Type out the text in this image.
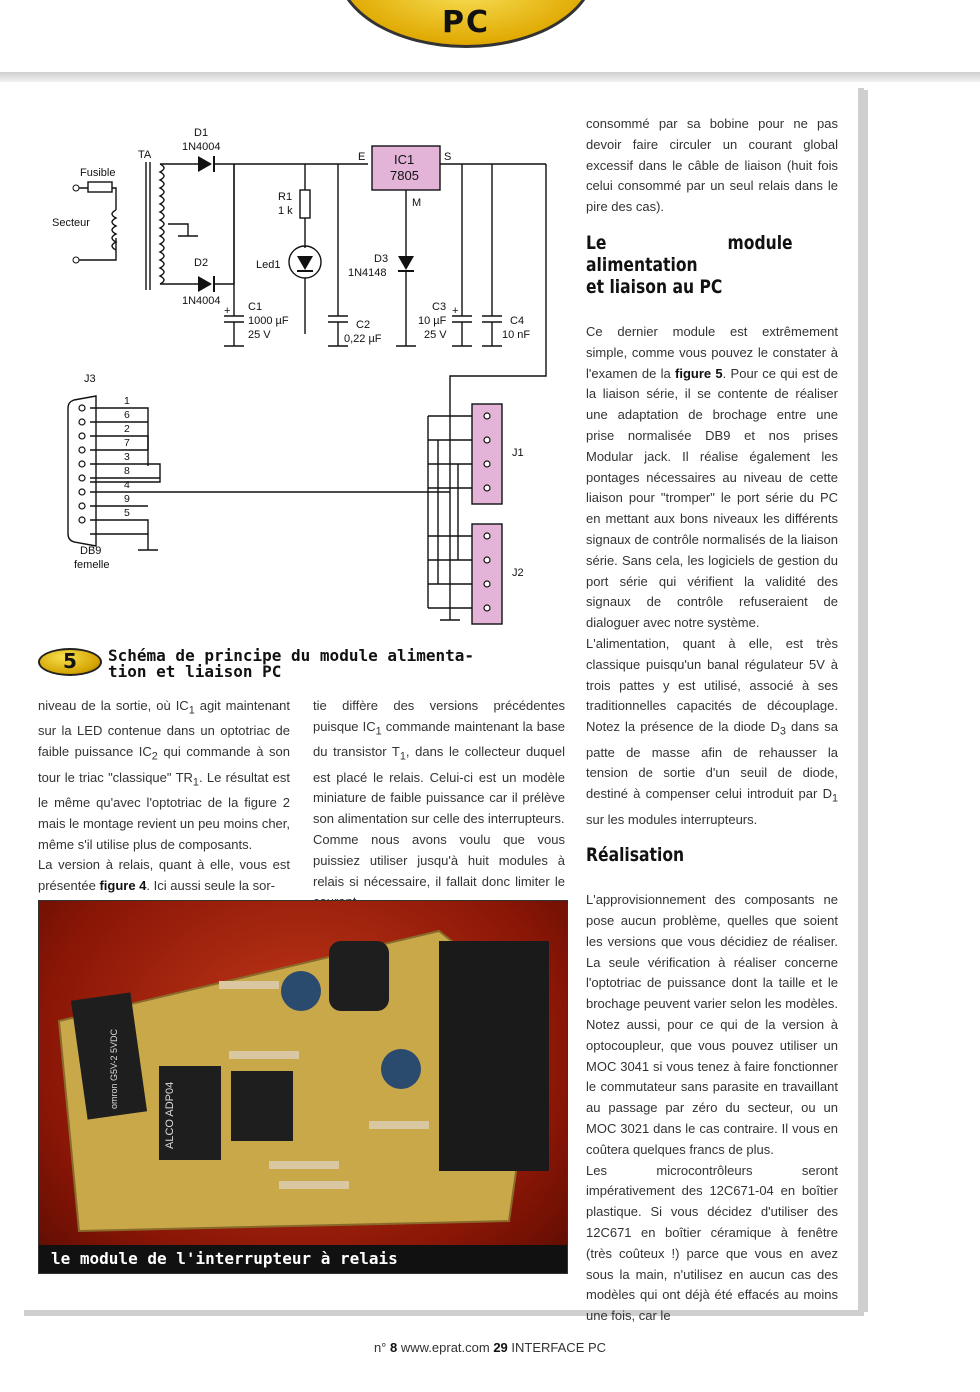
PC
TA
D1
1N4004
Fusible
Secteur
D2
1N4004
E	S
M
IC1
7805
R1
1 k
Led1	D3
1N4148
C1
1000 µF
25 V
C2
0,22 µF
C3
10 µF
25 V
C4
10 nF
+	+
J3
J1
J2
DB9
femelle
1
6
2
7
3
8
4
9
5
5	Schéma de principe du module alimenta-
tion et liaison PC

niveau de la sortie, où $IC_1$ agit maintenant sur la LED contenue dans un optotriac de faible puissance $IC_2$ qui commande à son tour le triac "classique" $TR_1$. Le résultat est le même qu'avec l'optotriac de la figure 2 mais le montage revient un peu moins cher, même s'il utilise plus de composants.

La version à relais, quant à elle, vous est présentée figure 4. Ici aussi seule la sor-

tie diffère des versions précédentes puisque $IC_1$ commande maintenant la base du transistor $T_1$, dans le collecteur duquel est placé le relais. Celui-ci est un modèle miniature de faible puissance car il prélève son alimentation sur celle des interrupteurs.

Comme nous avons voulu que vous puissiez utiliser jusqu'à huit modules à relais si nécessaire, il fallait donc limiter le

consommé par sa bobine pour ne pas devoir faire circuler un courant global excessif dans le câble de liaison (huit fois celui consommé par un seul relais dans le pire des cas).

Le module alimentation
et liaison au PC

Ce dernier module est extrêmement simple, comme vous pouvez le constater à l'examen de la figure 5. Pour ce qui est de la liaison série, il se contente de réaliser une adaptation de brochage entre une prise normalisée DB9 et nos prises Modular jack. Il réalise également les pontages nécessaires au niveau de cette liaison pour "tromper" le port série du PC en mettant aux bons niveaux les différents signaux de contrôle normalisés de la liaison série. Sans cela, les logiciels de gestion du port série qui vérifient la validité des signaux de contrôle refuseraient de dialoguer avec notre système.

L'alimentation, quant à elle, est très classique puisqu'un banal régulateur 5V à trois pattes y est utilisé, associé à ses traditionnelles capacités de découplage. Notez la présence de la diode $D_3$ dans sa patte de masse afin de rehausser la tension de sortie d'un seuil de diode, destiné à compenser celui introduit par $D_1$ sur les modules interrupteurs.

Réalisation

L'approvisionnement des composants ne pose aucun problème, quelles que soient les versions que vous décidiez de réaliser. La seule vérification à réaliser concerne l'optotriac de puissance dont la taille et le brochage peuvent varier selon les modèles. Notez aussi, pour ce qui de la version à optocoupleur, que vous pouvez utiliser un MOC 3041 si vous tenez à faire fonctionner le commutateur sans parasite en travaillant au passage par zéro du secteur, ou un MOC 3021 dans le cas contraire. Il vous en coûtera quelques francs de plus.

Les microcontrôleurs seront impérativement des 12C671-04 en boîtier plastique. Si vous décidez d'utiliser des 12C671 en boîtier céramique à fenêtre (très coûteux !) parce que vous en avez sous la main, n'utilisez en aucun cas des modèles qui ont déjà été effacés au moins une fois, car le

omron G5V-2 5VDC
ALCO ADP04
le module de l'interrupteur à relais
n° 8 www.eprat.com 29 INTERFACE PC
